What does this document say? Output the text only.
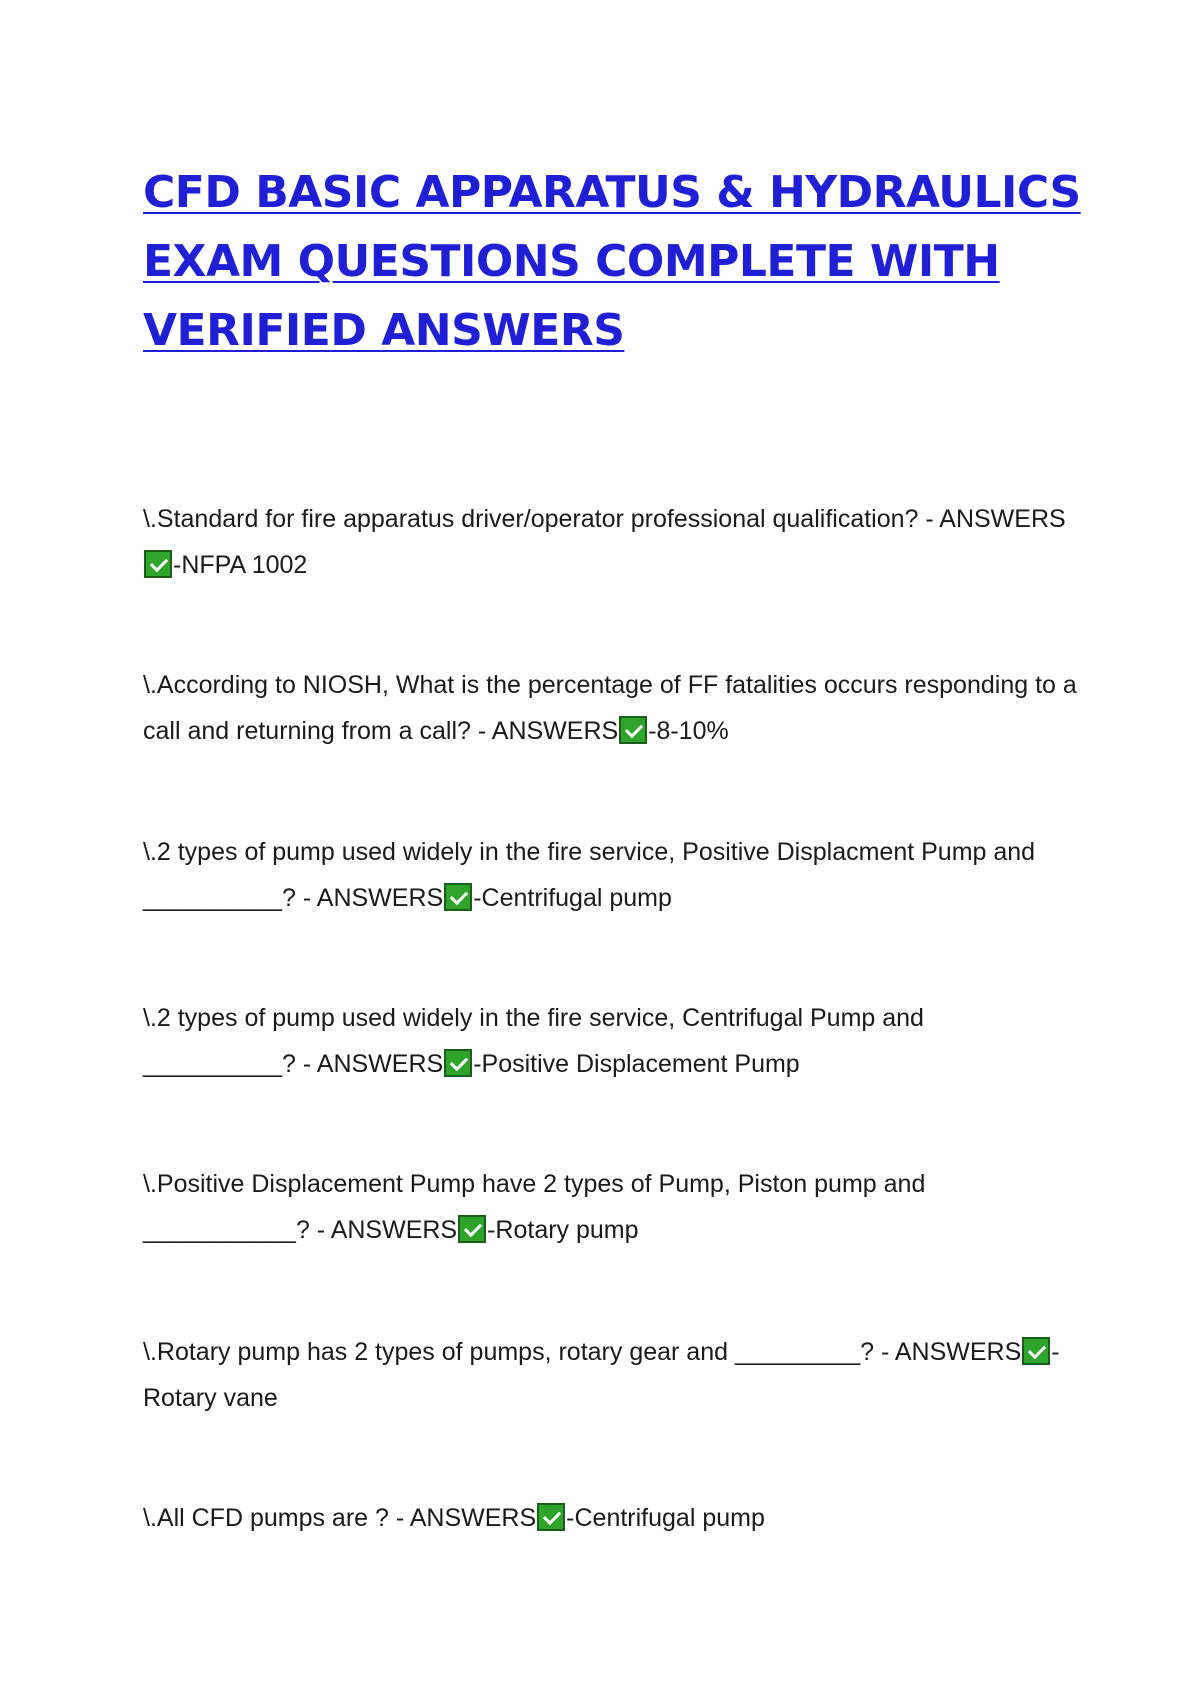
CFD BASIC APPARATUS & HYDRAULICS
EXAM QUESTIONS COMPLETE WITH
VERIFIED ANSWERS
\.Standard for fire apparatus driver/operator professional qualification? - ANSWERS-NFPA 1002
\.According to NIOSH, What is the percentage of FF fatalities occurs responding to a call and returning from a call? - ANSWERS -8-10%
\.2 types of pump used widely in the fire service, Positive Displacment Pump and __________? - ANSWERS -Centrifugal pump
\.2 types of pump used widely in the fire service, Centrifugal Pump and __________? - ANSWERS -Positive Displacement Pump
\.Positive Displacement Pump have 2 types of Pump, Piston pump and ___________? - ANSWERS -Rotary pump
\.Rotary pump has 2 types of pumps, rotary gear and _________? - ANSWERS -Rotary vane
\.All CFD pumps are ? - ANSWERS -Centrifugal pump
